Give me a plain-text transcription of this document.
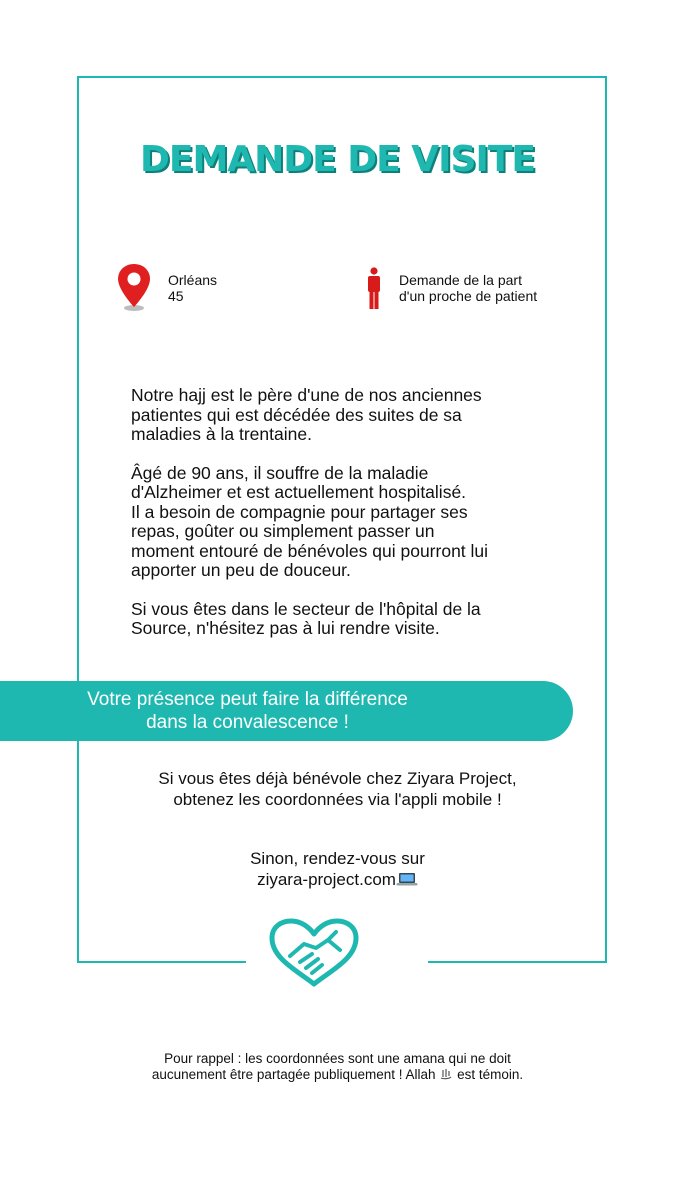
DEMANDE DE VISITE
Orléans
45
Demande de la part
d'un proche de patient

Notre hajj est le père d'une de nos anciennes
patientes qui est décédée des suites de sa
maladies à la trentaine.

Âgé de 90 ans, il souffre de la maladie
d'Alzheimer et est actuellement hospitalisé.
Il a besoin de compagnie pour partager ses
repas, goûter ou simplement passer un
moment entouré de bénévoles qui pourront lui
apporter un peu de douceur.

Si vous êtes dans le secteur de l'hôpital de la
Source, n'hésitez pas à lui rendre visite.

Votre présence peut faire la différence
dans la convalescence !
Si vous êtes déjà bénévole chez Ziyara Project,
obtenez les coordonnées via l'appli mobile !
Sinon, rendez-vous sur
ziyara-project.com
Pour rappel : les coordonnées sont une amana qui ne doit
aucunement être partagée publiquement ! Allah est témoin.
